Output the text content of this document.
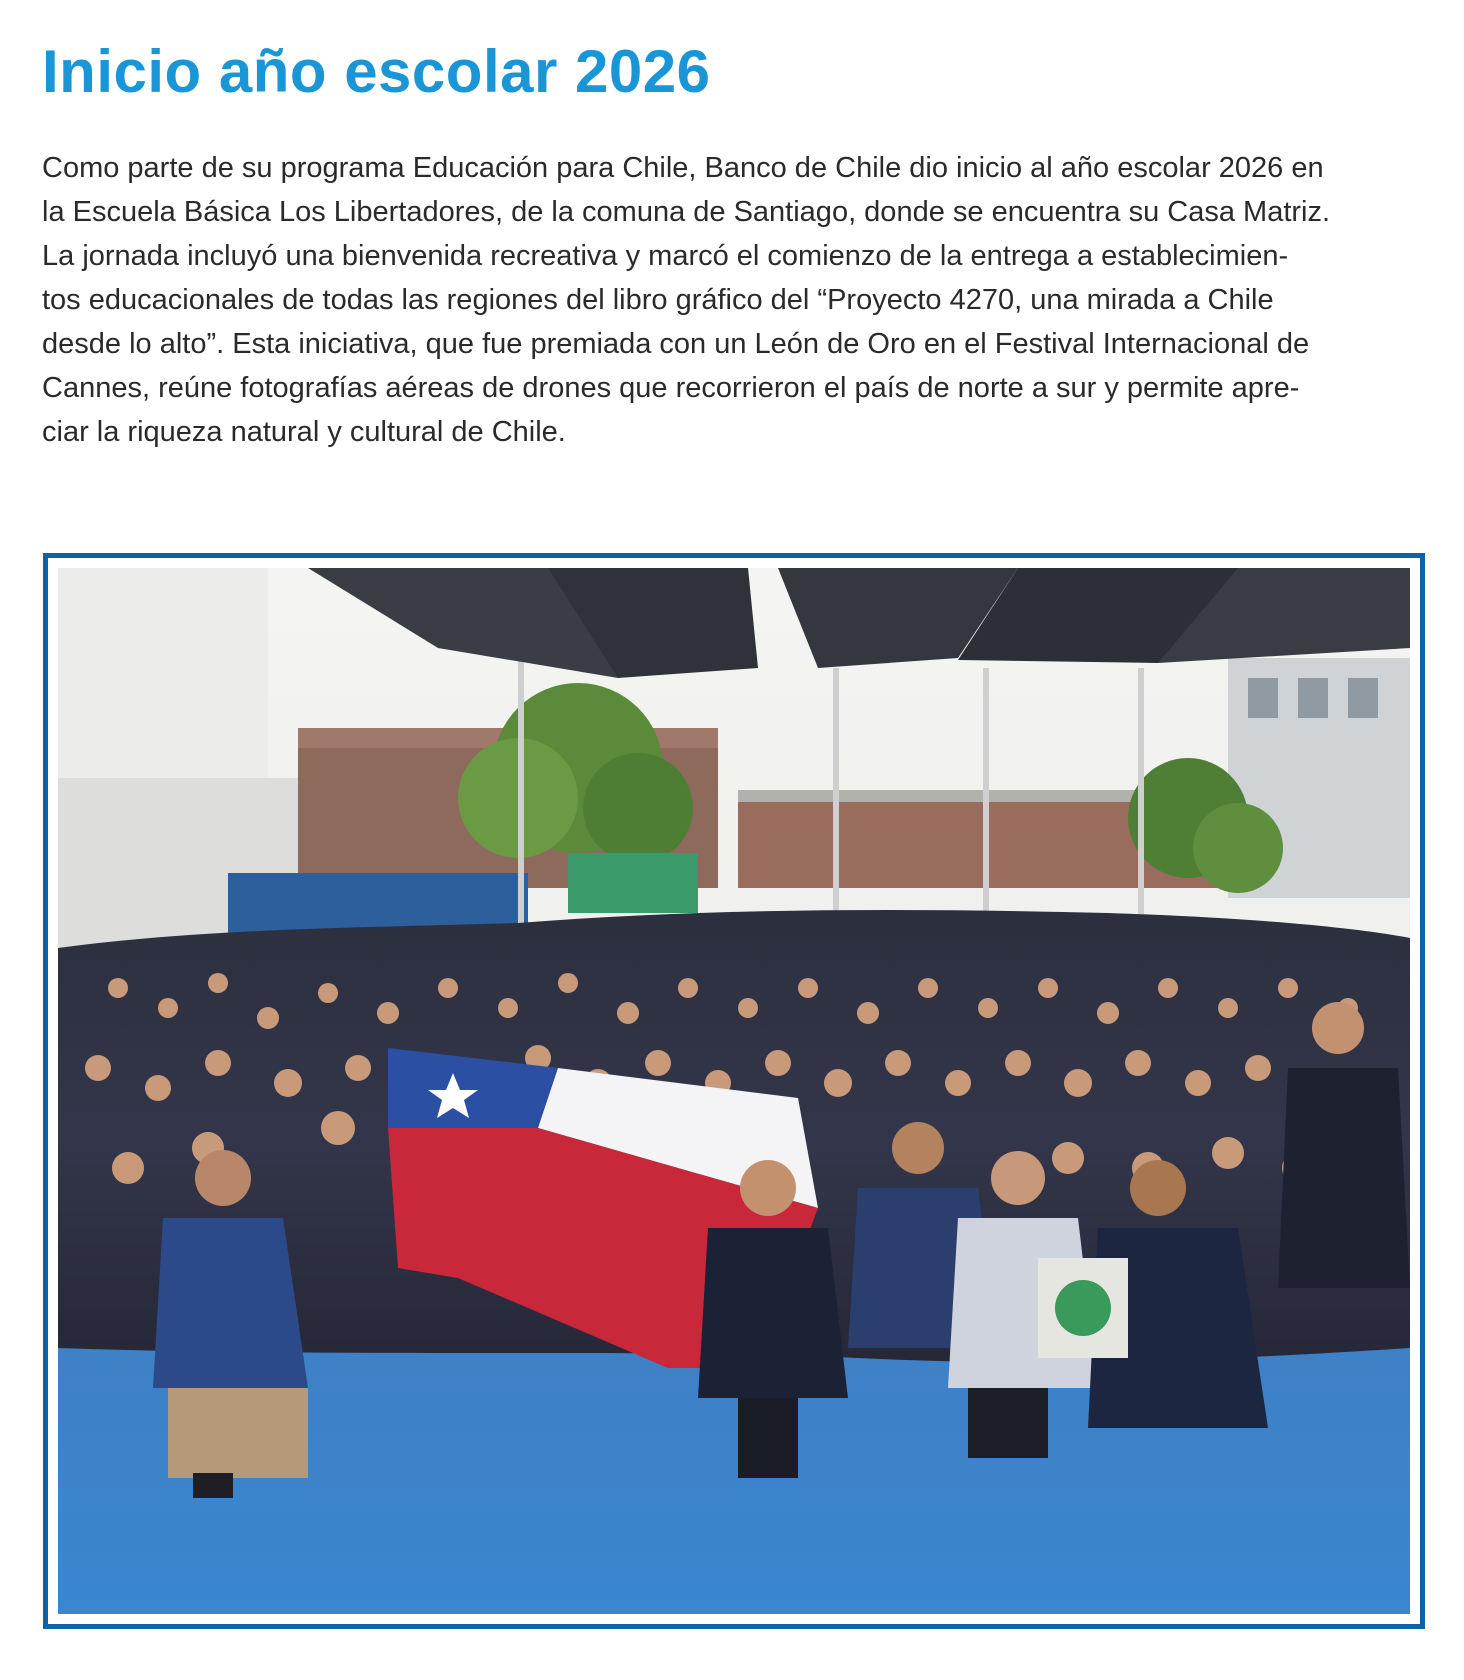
Inicio año escolar 2026

Como parte de su programa Educación para Chile, Banco de Chile dio inicio al año escolar 2026 en
la Escuela Básica Los Libertadores, de la comuna de Santiago, donde se encuentra su Casa Matriz.
La jornada incluyó una bienvenida recreativa y marcó el comienzo de la entrega a establecimien-
tos educacionales de todas las regiones del libro gráfico del “Proyecto 4270, una mirada a Chile
desde lo alto”. Esta iniciativa, que fue premiada con un León de Oro en el Festival Internacional de
Cannes, reúne fotografías aéreas de drones que recorrieron el país de norte a sur y permite apre-
ciar la riqueza natural y cultural de Chile.
